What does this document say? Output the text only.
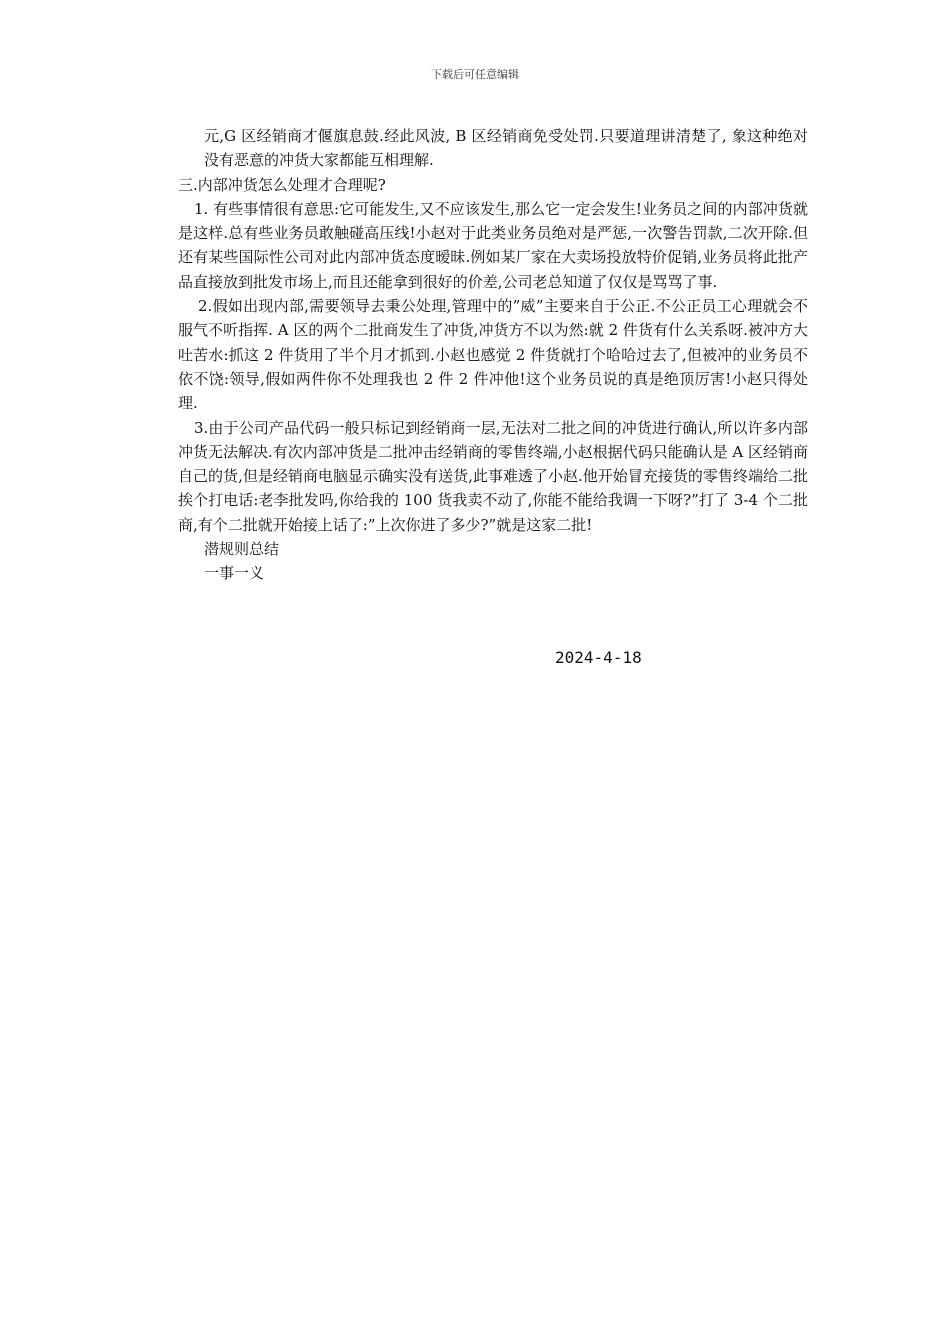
下载后可任意编辑

元,G 区经销商才偃旗息鼓.经此风波, B 区经销商免受处罚.只要道理讲清楚了, 象这种绝对没有恶意的冲货大家都能互相理解.

三.内部冲货怎么处理才合理呢?

1. 有些事情很有意思:它可能发生,又不应该发生,那么它一定会发生!业务员之间的内部冲货就是这样.总有些业务员敢触碰高压线!小赵对于此类业务员绝对是严惩,一次警告罚款,二次开除.但还有某些国际性公司对此内部冲货态度暧昧.例如某厂家在大卖场投放特价促销,业务员将此批产品直接放到批发市场上,而且还能拿到很好的价差,公司老总知道了仅仅是骂骂了事.

2.假如出现内部,需要领导去秉公处理,管理中的”威”主要来自于公正.不公正员工心理就会不服气不听指挥. A 区的两个二批商发生了冲货,冲货方不以为然:就 2 件货有什么关系呀.被冲方大吐苦水:抓这 2 件货用了半个月才抓到.小赵也感觉 2 件货就打个哈哈过去了,但被冲的业务员不依不饶:领导,假如两件你不处理我也 2 件 2 件冲他!这个业务员说的真是绝顶厉害!小赵只得处理.

3.由于公司产品代码一般只标记到经销商一层,无法对二批之间的冲货进行确认,所以许多内部冲货无法解决.有次内部冲货是二批冲击经销商的零售终端,小赵根据代码只能确认是 A 区经销商自己的货,但是经销商电脑显示确实没有送货,此事难透了小赵.他开始冒充接货的零售终端给二批挨个打电话:老李批发吗,你给我的 100 货我卖不动了,你能不能给我调一下呀?”打了 3-4 个二批商,有个二批就开始接上话了:”上次你进了多少?”就是这家二批!

潜规则总结

一事一义

2024-4-18
